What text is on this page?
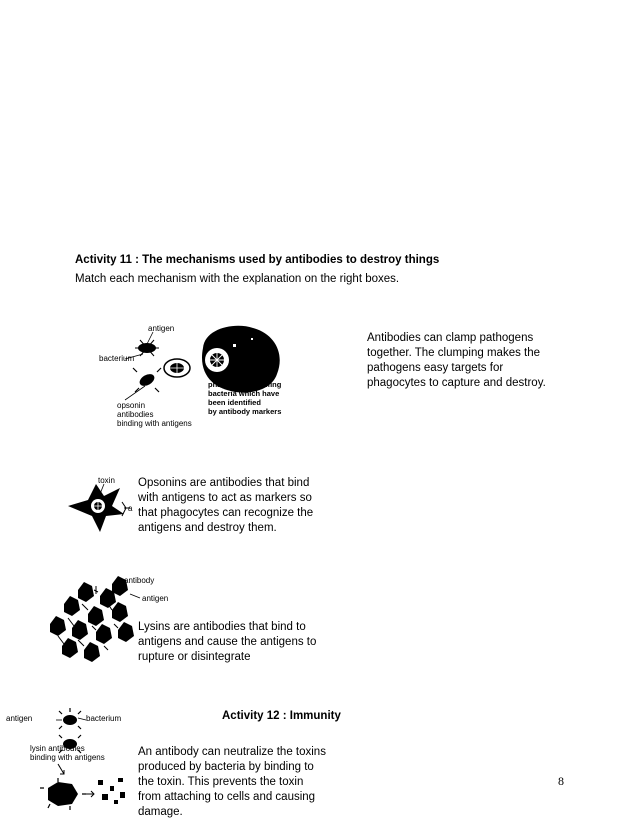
Activity 11 : The mechanisms used by antibodies to destroy things
Match each mechanism with the explanation on the right boxes.
antigen
bacterium
opsonin
antibodies
binding with antigens
phagocyte engulfing
bacteria which have
been identified
by antibody markers
Antibodies can clamp pathogens
together. The clumping makes the
pathogens easy targets for
phagocytes to capture and destroy.
toxin
a
Opsonins are antibodies that bind
with antigens to act as markers so
that phagocytes can recognize the
antigens and destroy them.
antibody
antigen
Lysins are antibodies that bind to
antigens and cause the antigens to
rupture or disintegrate
antigen	bacterium
lysin antibodies
binding with antigens
Activity 12 : Immunity
An antibody can neutralize the toxins
produced by bacteria by binding to
the toxin. This prevents the toxin
from attaching to cells and causing
damage.
8
